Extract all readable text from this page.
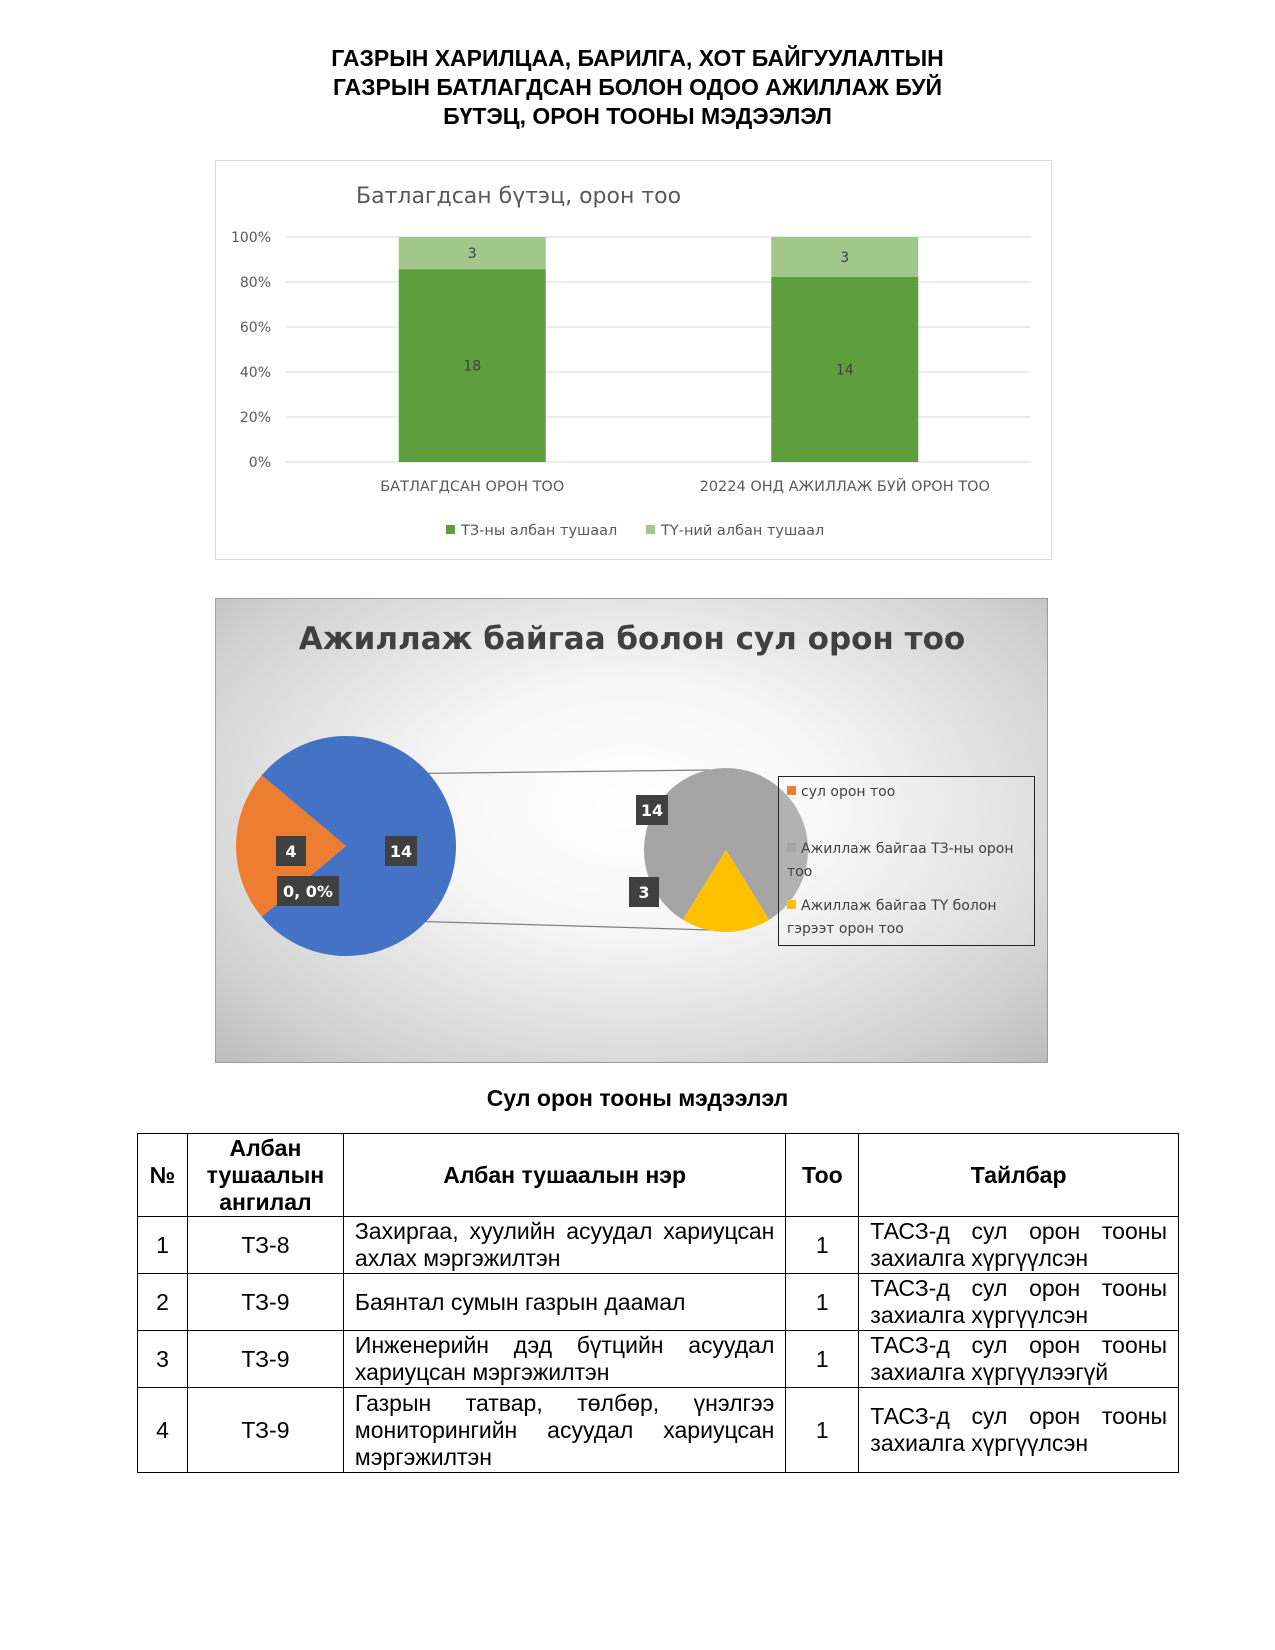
ГАЗРЫН ХАРИЛЦАА, БАРИЛГА, ХОТ БАЙГУУЛАЛТЫН
ГАЗРЫН БАТЛАГДСАН БОЛОН ОДОО АЖИЛЛАЖ БУЙ
БҮТЭЦ, ОРОН ТООНЫ МЭДЭЭЛЭЛ
Батлагдсан бүтэц, орон тоо
0%
20%
40%
60%
80%
100%
18
3
14
3
БАТЛАГДСАН ОРОН ТОО	20224 ОНД АЖИЛЛАЖ БУЙ ОРОН ТОО
ТЗ-ны албан тушаал	ТҮ-ний албан тушаал
Ажиллаж байгаа болон сул орон тоо
14
4
0, 0%
14
3
сул орон тоо
Ажиллаж байгаа ТЗ-ны орон тоо
Ажиллаж байгаа ТҮ болон гэрээт орон тоо
Сул орон тооны мэдээлэл
№	Албан тушаалын ангилал	Албан тушаалын нэр	Тоо	Тайлбар
1	ТЗ-8	Захиргаа, хуулийн асуудал хариуцсан ахлах мэргэжилтэн	1	ТАСЗ-д сул орон тооны захиалга хүргүүлсэн
2	ТЗ-9	Баянтал сумын газрын даамал	1	ТАСЗ-д сул орон тооны захиалга хүргүүлсэн
3	ТЗ-9	Инженерийн дэд бүтцийн асуудал хариуцсан мэргэжилтэн	1	ТАСЗ-д сул орон тооны захиалга хүргүүлээгүй
4	ТЗ-9	Газрын татвар, төлбөр, үнэлгээ мониторингийн асуудал хариуцсан мэргэжилтэн	1	ТАСЗ-д сул орон тооны захиалга хүргүүлсэн
